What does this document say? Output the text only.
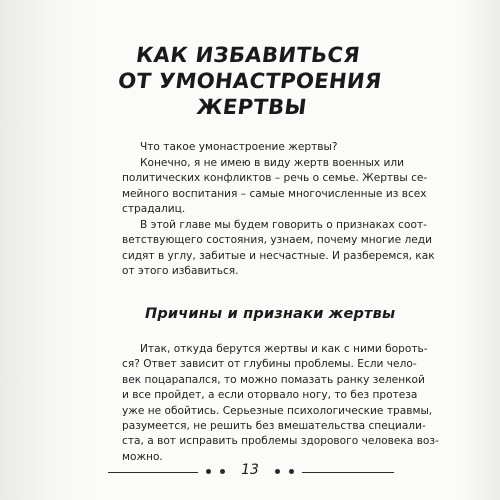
КАК ИЗБАВИТЬСЯ
ОТ УМОНАСТРОЕНИЯ
ЖЕРТВЫ

Что такое умонастроение жертвы?

Конечно, я не имею в виду жертв военных или
политических конфликтов – речь о семье. Жертвы се-
мейного воспитания – самые многочисленные из всех
страдалиц.

В этой главе мы будем говорить о признаках соот-
ветствующего состояния, узнаем, почему многие леди
сидят в углу, забитые и несчастные. И разберемся, как
от этого избавиться.

Причины и признаки жертвы

Итак, откуда берутся жертвы и как с ними бороть-
ся? Ответ зависит от глубины проблемы. Если чело-
век поцарапался, то можно помазать ранку зеленкой
и все пройдет, а если оторвало ногу, то без протеза
уже не обойтись. Серьезные психологические травмы,
разумеется, не решить без вмешательства специали-
ста, а вот исправить проблемы здорового человека воз-
можно.

13
